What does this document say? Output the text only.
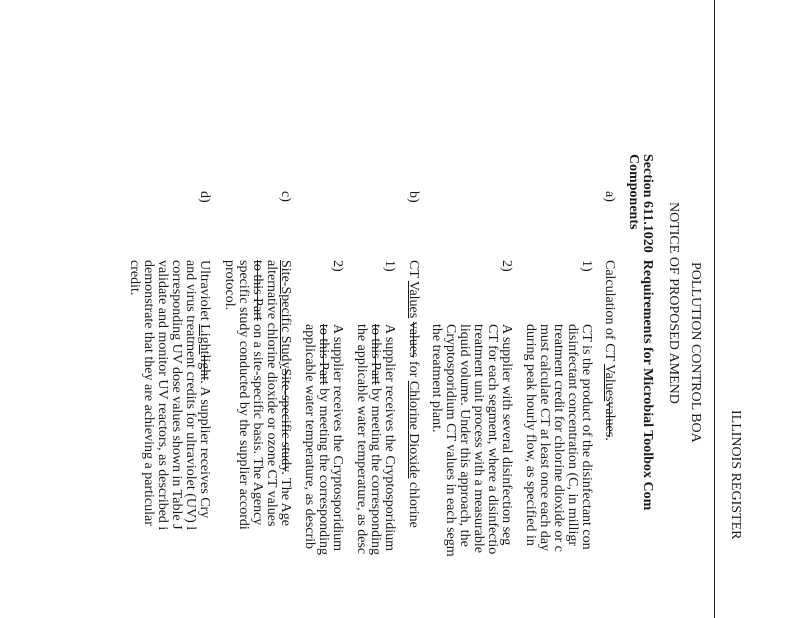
ILLINOIS REGISTER
POLLUTION CONTROL BOA
NOTICE OF PROPOSED AMEND
Section 611.1020  Requirements for Microbial Toolbox Com
Components
a)
Calculation of CT Valuesvalues.
1)
CT is the product of the disinfectant con
disinfectant concentration (C, in milligr
treatment credit for chlorine dioxide or c
must calculate CT at least once each day
during peak hourly flow, as specified in
2)
A supplier with several disinfection seg
CT for each segment, where a disinfectio
treatment unit process with a measurable
liquid volume. Under this approach, the
Cryptosporidium CT values in each segm
the treatment plant.
b)
CT Values values for Chlorine Dioxide chlorine
1)
A supplier receives the Cryptosporidium
to this Part by meeting the corresponding
the applicable water temperature, as desc
2)
A supplier receives the Cryptosporidium
to this Part by meeting the corresponding
applicable water temperature, as describ
c)
Site-Specific StudySite-specific study. The Age
alternative chlorine dioxide or ozone CT values
to this Part on a site-specific basis. The Agency
specific study conducted by the supplier accordi
protocol.
d)
Ultraviolet Lightlight. A supplier receives Cry
and virus treatment credits for ultraviolet (UV) l
corresponding UV dose values shown in Table J
validate and monitor UV reactors, as described i
demonstrate that they are achieving a particular
credit.
